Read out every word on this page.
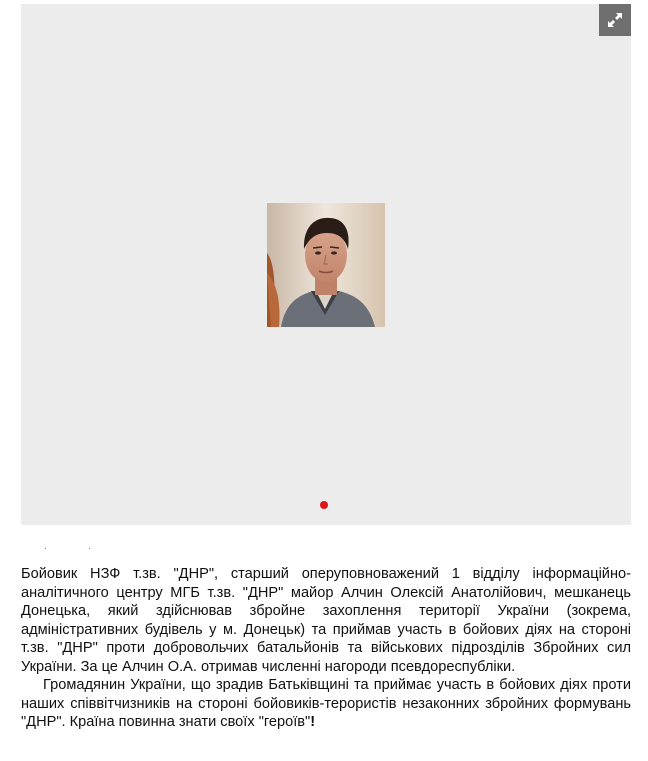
Бойовик НЗФ т.зв. "ДНР", старший оперуповноважений 1 відділу інформаційно-аналітичного центру МГБ т.зв. "ДНР" майор Алчин Олексій Анатолійович, мешканець Донецька, який здійснював збройне захоплення території України (зокрема, адміністративних будівель у м. Донецьк) та приймав участь в бойових діях на стороні т.зв. "ДНР" проти добровольчих батальйонів та військових підрозділів Збройних сил України. За це Алчин О.А. отримав численні нагороди псевдореспубліки.

Громадянин України, що зрадив Батьківщині та приймає участь в бойових діях проти наших співвітчизників на стороні бойовиків-терористів незаконних збройних формувань "ДНР". Країна повинна знати своїх "героїв"!
